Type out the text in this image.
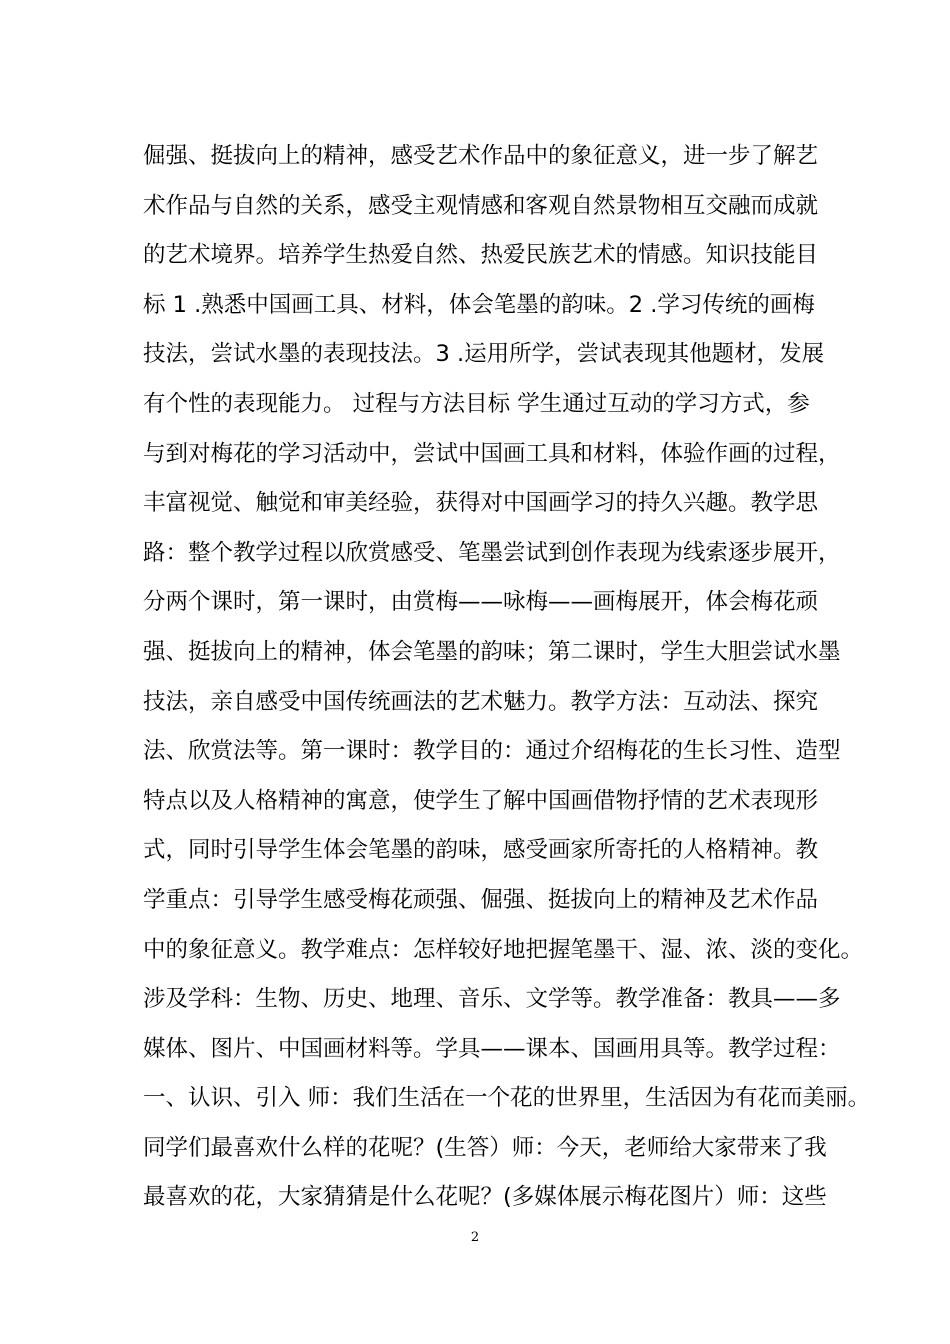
倔强、挺拔向上的精神，感受艺术作品中的象征意义，进一步了解艺
术作品与自然的关系，感受主观情感和客观自然景物相互交融而成就
的艺术境界。培养学生热爱自然、热爱民族艺术的情感。知识技能目
标 1 .熟悉中国画工具、材料，体会笔墨的韵味。2 .学习传统的画梅
技法，尝试水墨的表现技法。3 .运用所学，尝试表现其他题材，发展
有个性的表现能力。 过程与方法目标 学生通过互动的学习方式，参
与到对梅花的学习活动中，尝试中国画工具和材料，体验作画的过程，
丰富视觉、触觉和审美经验，获得对中国画学习的持久兴趣。教学思
路：整个教学过程以欣赏感受、笔墨尝试到创作表现为线索逐步展开，
分两个课时，第一课时，由赏梅——咏梅——画梅展开，体会梅花顽
强、挺拔向上的精神，体会笔墨的韵味；第二课时，学生大胆尝试水墨
技法，亲自感受中国传统画法的艺术魅力。教学方法：互动法、探究
法、欣赏法等。第一课时：教学目的：通过介绍梅花的生长习性、造型
特点以及人格精神的寓意，使学生了解中国画借物抒情的艺术表现形
式，同时引导学生体会笔墨的韵味，感受画家所寄托的人格精神。教
学重点：引导学生感受梅花顽强、倔强、挺拔向上的精神及艺术作品
中的象征意义。教学难点：怎样较好地把握笔墨干、湿、浓、淡的变化。
涉及学科：生物、历史、地理、音乐、文学等。教学准备：教具——多
媒体、图片、中国画材料等。学具——课本、国画用具等。教学过程：
一、认识、引入 师：我们生活在一个花的世界里，生活因为有花而美丽。
同学们最喜欢什么样的花呢？(生答）师：今天，老师给大家带来了我
最喜欢的花，大家猜猜是什么花呢？(多媒体展示梅花图片）师：这些
2
